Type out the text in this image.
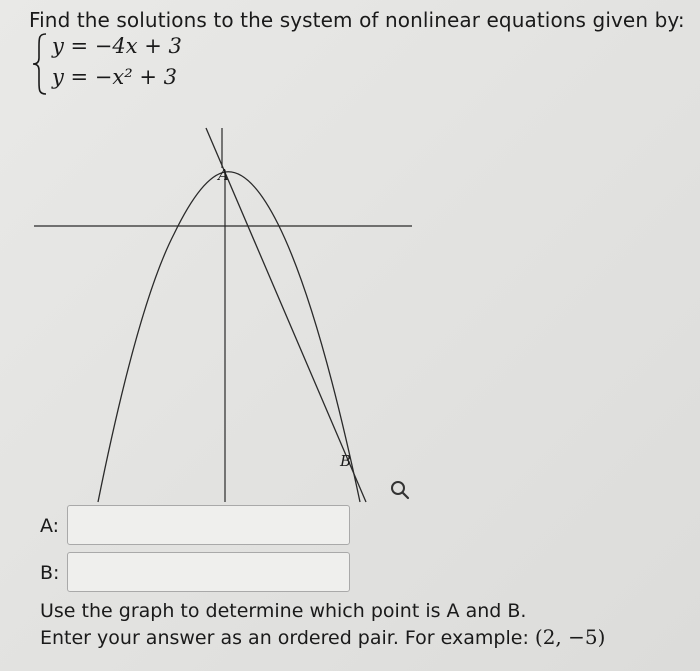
Find the solutions to the system of nonlinear equations given by:
y = −4x + 3
y = −x² + 3
A
B
A:
B:
Use the graph to determine which point is A and B.
Enter your answer as an ordered pair. For example: (2, −5)
